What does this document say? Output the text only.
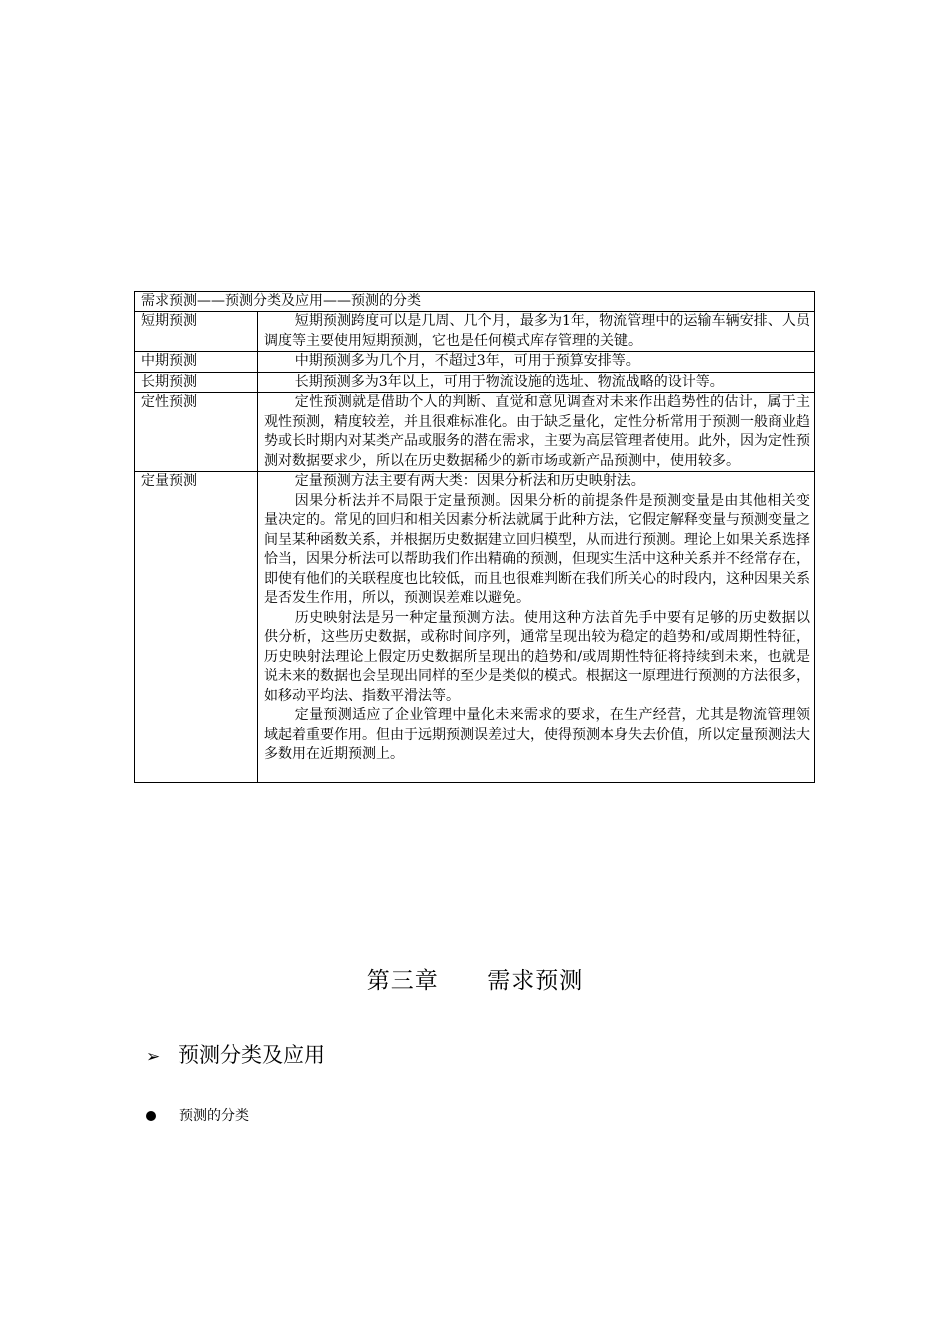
需求预测——预测分类及应用——预测的分类	
短期预测	短期预测跨度可以是几周、几个月，最多为1年，物流管理中的运输车辆安排、人员调度等主要使用短期预测，它也是任何模式库存管理的关键。

中期预测	中期预测多为几个月，不超过3年，可用于预算安排等。

长期预测	长期预测多为3年以上，可用于物流设施的选址、物流战略的设计等。

定性预测	定性预测就是借助个人的判断、直觉和意见调查对未来作出趋势性的估计，属于主观性预测，精度较差，并且很难标准化。由于缺乏量化，定性分析常用于预测一般商业趋势或长时期内对某类产品或服务的潜在需求，主要为高层管理者使用。此外，因为定性预测对数据要求少，所以在历史数据稀少的新市场或新产品预测中，使用较多。

定量预测	定量预测方法主要有两大类：因果分析法和历史映射法。

因果分析法并不局限于定量预测。因果分析的前提条件是预测变量是由其他相关变量决定的。常见的回归和相关因素分析法就属于此种方法，它假定解释变量与预测变量之间呈某种函数关系，并根据历史数据建立回归模型，从而进行预测。理论上如果关系选择恰当，因果分析法可以帮助我们作出精确的预测，但现实生活中这种关系并不经常存在，即使有他们的关联程度也比较低，而且也很难判断在我们所关心的时段内，这种因果关系是否发生作用，所以，预测误差难以避免。

历史映射法是另一种定量预测方法。使用这种方法首先手中要有足够的历史数据以供分析，这些历史数据，或称时间序列，通常呈现出较为稳定的趋势和/或周期性特征，历史映射法理论上假定历史数据所呈现出的趋势和/或周期性特征将持续到未来，也就是说未来的数据也会呈现出同样的至少是类似的模式。根据这一原理进行预测的方法很多，如移动平均法、指数平滑法等。

定量预测适应了企业管理中量化未来需求的要求，在生产经营，尤其是物流管理领域起着重要作用。但由于远期预测误差过大，使得预测本身失去价值，所以定量预测法大多数用在近期预测上。

第三章  需求预测
➢ 预测分类及应用
预测的分类
